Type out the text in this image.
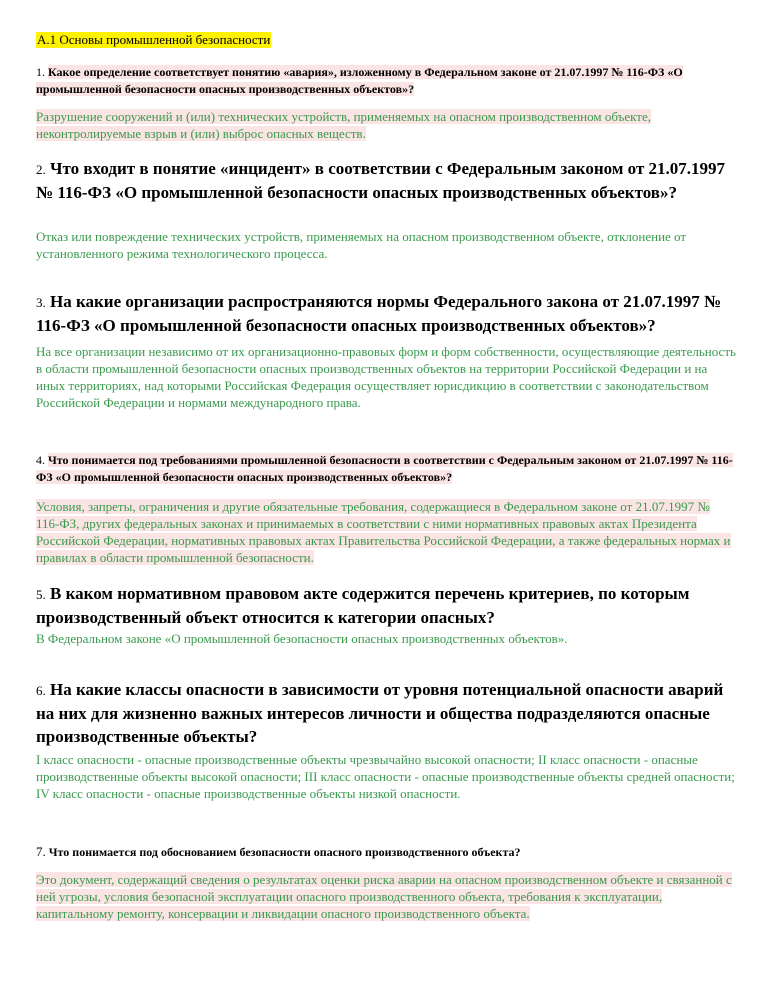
А.1 Основы промышленной безопасности
1. Какое определение соответствует понятию «авария», изложенному в Федеральном законе от 21.07.1997 № 116-ФЗ «О промышленной безопасности опасных производственных объектов»?
Разрушение сооружений и (или) технических устройств, применяемых на опасном производственном объекте, неконтролируемые взрыв и (или) выброс опасных веществ.
2. Что входит в понятие «инцидент» в соответствии с Федеральным законом от 21.07.1997 № 116-ФЗ «О промышленной безопасности опасных производственных объектов»?
Отказ или повреждение технических устройств, применяемых на опасном производственном объекте, отклонение от установленного режима технологического процесса.
3. На какие организации распространяются нормы Федерального закона от 21.07.1997 № 116-ФЗ «О промышленной безопасности опасных производственных объектов»?
На все организации независимо от их организационно-правовых форм и форм собственности, осуществляющие деятельность в области промышленной безопасности опасных производственных объектов на территории Российской Федерации и на иных территориях, над которыми Российская Федерация осуществляет юрисдикцию в соответствии с законодательством Российской Федерации и нормами международного права.
4. Что понимается под требованиями промышленной безопасности в соответствии с Федеральным законом от 21.07.1997 № 116-ФЗ «О промышленной безопасности опасных производственных объектов»?
Условия, запреты, ограничения и другие обязательные требования, содержащиеся в Федеральном законе от 21.07.1997 № 116-ФЗ, других федеральных законах и принимаемых в соответствии с ними нормативных правовых актах Президента Российской Федерации, нормативных правовых актах Правительства Российской Федерации, а также федеральных нормах и правилах в области промышленной безопасности.
5. В каком нормативном правовом акте содержится перечень критериев, по которым производственный объект относится к категории опасных?
В Федеральном законе «О промышленной безопасности опасных производственных объектов».
6. На какие классы опасности в зависимости от уровня потенциальной опасности аварий на них для жизненно важных интересов личности и общества подразделяются опасные производственные объекты?
I класс опасности - опасные производственные объекты чрезвычайно высокой опасности; II класс опасности - опасные производственные объекты высокой опасности; III класс опасности - опасные производственные объекты средней опасности; IV класс опасности - опасные производственные объекты низкой опасности.
7. Что понимается под обоснованием безопасности опасного производственного объекта?
Это документ, содержащий сведения о результатах оценки риска аварии на опасном производственном объекте и связанной с ней угрозы, условия безопасной эксплуатации опасного производственного объекта, требования к эксплуатации, капитальному ремонту, консервации и ликвидации опасного производственного объекта.
